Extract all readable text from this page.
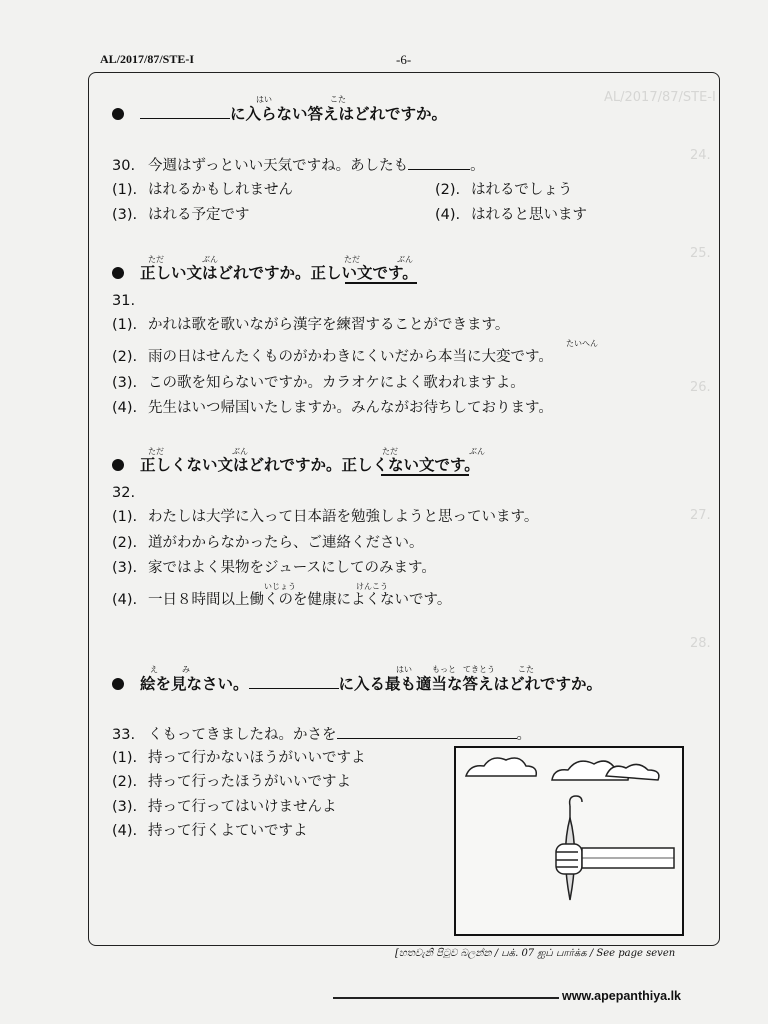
AL/2017/87/STE-I
24.
25.
26.
27.
28.
AL/2017/87/STE-I	-6-
に入らない答えはどれですか。
はい	こた
30. 今週はずっといい天気ですね。あしたも	。
(1). はれるかもしれません	(2). はれるでしょう
(3). はれる予定です	(4). はれると思います
正しい文はどれですか。正しい文です。
ただ	ぶん	ただ	ぶん
31.
(1). かれは歌を歌いながら漢字を練習することができます。
(2). 雨の日はせんたくものがかわきにくいだから本当に大変です。
たいへん
(3). この歌を知らないですか。カラオケによく歌われますよ。
(4). 先生はいつ帰国いたしますか。みんながお待ちしております。
正しくない文はどれですか。正しくない文です。
ただ	ぶん	ただ	ぶん
32.
(1). わたしは大学に入って日本語を勉強しようと思っています。
(2). 道がわからなかったら、ご連絡ください。
(3). 家ではよく果物をジュースにしてのみます。
(4). 一日８時間以上働くのを健康によくないです。
いじょう	けんこう
絵を見なさい。	に入る最も適当な答えはどれですか。
え	み	はい	もっと てきとう	こた
33. くもってきましたね。かさを	。
(1). 持って行かないほうがいいですよ
(2). 持って行ったほうがいいですよ
(3). 持って行ってはいけませんよ
(4). 持って行くよていですよ
[හතවැනි පිටුව බලන්න / பக். 07 ஐப் பார்க்க / See page seven
www.apepanthiya.lk
